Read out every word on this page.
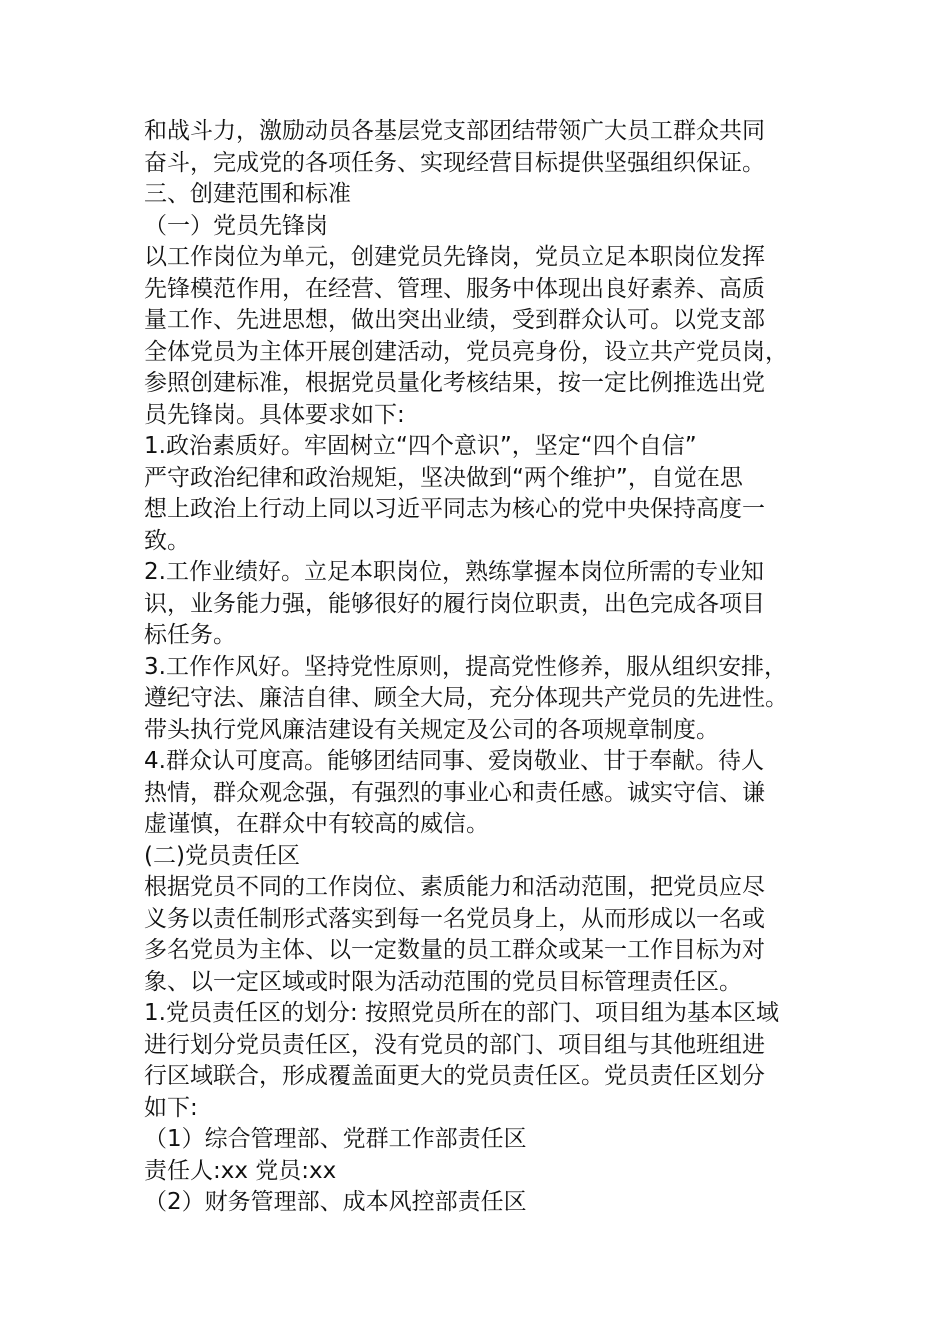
和战斗力，激励动员各基层党支部团结带领广大员工群众共同
奋斗，完成党的各项任务、实现经营目标提供坚强组织保证。
三、创建范围和标准
（一）党员先锋岗
以工作岗位为单元，创建党员先锋岗，党员立足本职岗位发挥
先锋模范作用，在经营、管理、服务中体现出良好素养、高质
量工作、先进思想，做出突出业绩，受到群众认可。以党支部
全体党员为主体开展创建活动，党员亮身份，设立共产党员岗，
参照创建标准，根据党员量化考核结果，按一定比例推选出党
员先锋岗。具体要求如下:
1.政治素质好。牢固树立“四个意识”，坚定“四个自信”
严守政治纪律和政治规矩，坚决做到“两个维护”，自觉在思
想上政治上行动上同以习近平同志为核心的党中央保持高度一
致。
2.工作业绩好。立足本职岗位，熟练掌握本岗位所需的专业知
识，业务能力强，能够很好的履行岗位职责，出色完成各项目
标任务。
3.工作作风好。坚持党性原则，提高党性修养，服从组织安排，
遵纪守法、廉洁自律、顾全大局，充分体现共产党员的先进性。
带头执行党风廉洁建设有关规定及公司的各项规章制度。
4.群众认可度高。能够团结同事、爱岗敬业、甘于奉献。待人
热情，群众观念强，有强烈的事业心和责任感。诚实守信、谦
虚谨慎，在群众中有较高的威信。
(二)党员责任区
根据党员不同的工作岗位、素质能力和活动范围，把党员应尽
义务以责任制形式落实到每一名党员身上，从而形成以一名或
多名党员为主体、以一定数量的员工群众或某一工作目标为对
象、以一定区域或时限为活动范围的党员目标管理责任区。
1.党员责任区的划分: 按照党员所在的部门、项目组为基本区域
进行划分党员责任区，没有党员的部门、项目组与其他班组进
行区域联合，形成覆盖面更大的党员责任区。党员责任区划分
如下:
（1）综合管理部、党群工作部责任区
责任人:xx 党员:xx
（2）财务管理部、成本风控部责任区
